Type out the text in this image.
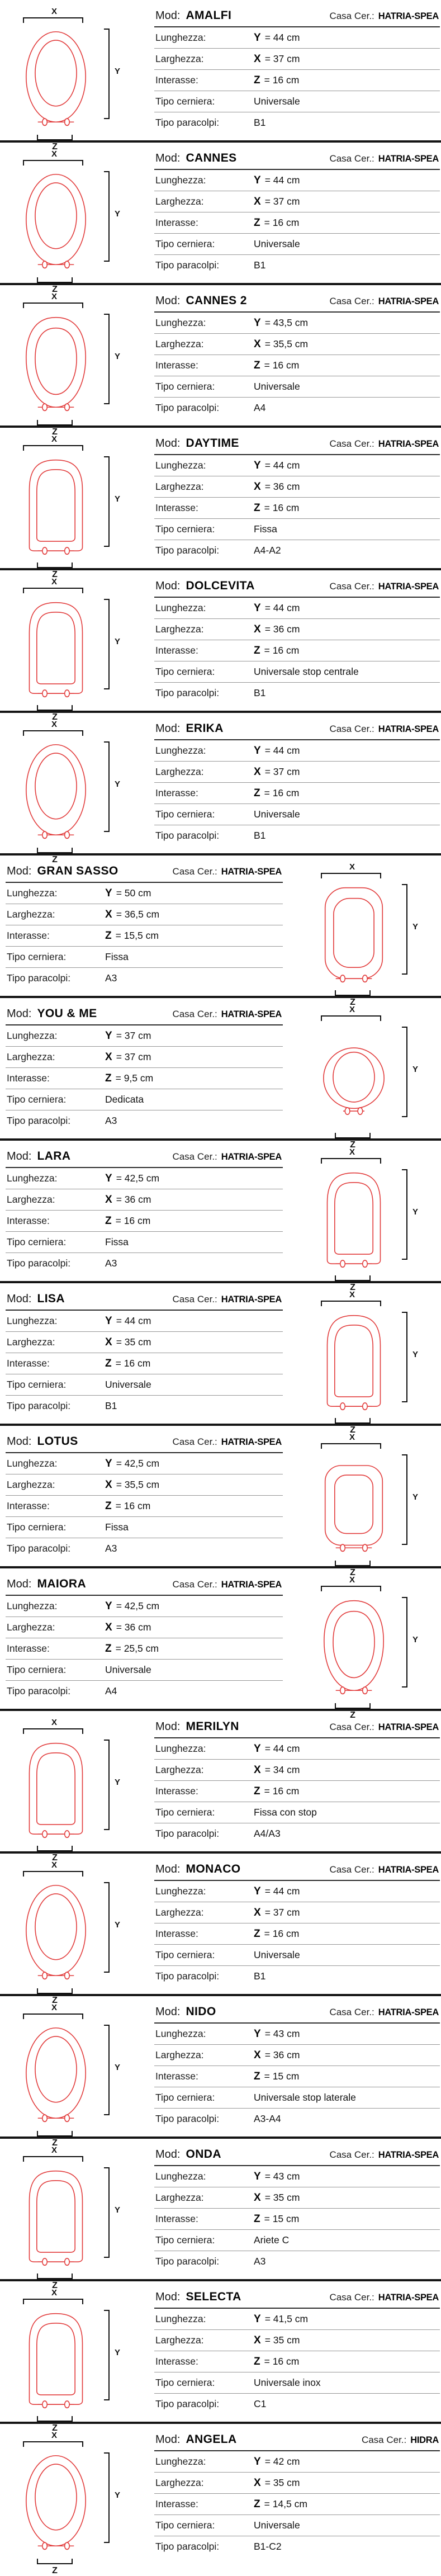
X
Y
Z
Mod: AMALFI	Casa Cer.: HATRIA-SPEA
Lunghezza:	Y = 44 cm
Larghezza:	X = 37 cm
Interasse:	Z = 16 cm
Tipo cerniera:	Universale
Tipo paracolpi:	B1
X
Y
Z
Mod: CANNES	Casa Cer.: HATRIA-SPEA
Lunghezza:	Y = 44 cm
Larghezza:	X = 37 cm
Interasse:	Z = 16 cm
Tipo cerniera:	Universale
Tipo paracolpi:	B1
X
Y
Z
Mod: CANNES 2	Casa Cer.: HATRIA-SPEA
Lunghezza:	Y = 43,5 cm
Larghezza:	X = 35,5 cm
Interasse:	Z = 16 cm
Tipo cerniera:	Universale
Tipo paracolpi:	A4
X
Y
Z
Mod: DAYTIME	Casa Cer.: HATRIA-SPEA
Lunghezza:	Y = 44 cm
Larghezza:	X = 36 cm
Interasse:	Z = 16 cm
Tipo cerniera:	Fissa
Tipo paracolpi:	A4-A2
X
Y
Z
Mod: DOLCEVITA	Casa Cer.: HATRIA-SPEA
Lunghezza:	Y = 44 cm
Larghezza:	X = 36 cm
Interasse:	Z = 16 cm
Tipo cerniera:	Universale stop centrale
Tipo paracolpi:	B1
X
Y
Z
Mod: ERIKA	Casa Cer.: HATRIA-SPEA
Lunghezza:	Y = 44 cm
Larghezza:	X = 37 cm
Interasse:	Z = 16 cm
Tipo cerniera:	Universale
Tipo paracolpi:	B1
X
Y
Z
Mod: GRAN SASSO	Casa Cer.: HATRIA-SPEA
Lunghezza:	Y = 50 cm
Larghezza:	X = 36,5 cm
Interasse:	Z = 15,5 cm
Tipo cerniera:	Fissa
Tipo paracolpi:	A3
X
Y
Z
Mod: YOU & ME	Casa Cer.: HATRIA-SPEA
Lunghezza:	Y = 37 cm
Larghezza:	X = 37 cm
Interasse:	Z = 9,5 cm
Tipo cerniera:	Dedicata
Tipo paracolpi:	A3
X
Y
Z
Mod: LARA	Casa Cer.: HATRIA-SPEA
Lunghezza:	Y = 42,5 cm
Larghezza:	X = 36 cm
Interasse:	Z = 16 cm
Tipo cerniera:	Fissa
Tipo paracolpi:	A3
X
Y
Z
Mod: LISA	Casa Cer.: HATRIA-SPEA
Lunghezza:	Y = 44 cm
Larghezza:	X = 35 cm
Interasse:	Z = 16 cm
Tipo cerniera:	Universale
Tipo paracolpi:	B1
X
Y
Z
Mod: LOTUS	Casa Cer.: HATRIA-SPEA
Lunghezza:	Y = 42,5 cm
Larghezza:	X = 35,5 cm
Interasse:	Z = 16 cm
Tipo cerniera:	Fissa
Tipo paracolpi:	A3
X
Y
Z
Mod: MAIORA	Casa Cer.: HATRIA-SPEA
Lunghezza:	Y = 42,5 cm
Larghezza:	X = 36 cm
Interasse:	Z = 25,5 cm
Tipo cerniera:	Universale
Tipo paracolpi:	A4
X
Y
Z
Mod: MERILYN	Casa Cer.: HATRIA-SPEA
Lunghezza:	Y = 44 cm
Larghezza:	X = 34 cm
Interasse:	Z = 16 cm
Tipo cerniera:	Fissa con stop
Tipo paracolpi:	A4/A3
X
Y
Z
Mod: MONACO	Casa Cer.: HATRIA-SPEA
Lunghezza:	Y = 44 cm
Larghezza:	X = 37 cm
Interasse:	Z = 16 cm
Tipo cerniera:	Universale
Tipo paracolpi:	B1
X
Y
Z
Mod: NIDO	Casa Cer.: HATRIA-SPEA
Lunghezza:	Y = 43 cm
Larghezza:	X = 36 cm
Interasse:	Z = 15 cm
Tipo cerniera:	Universale stop laterale
Tipo paracolpi:	A3-A4
X
Y
Z
Mod: ONDA	Casa Cer.: HATRIA-SPEA
Lunghezza:	Y = 43 cm
Larghezza:	X = 35 cm
Interasse:	Z = 15 cm
Tipo cerniera:	Ariete C
Tipo paracolpi:	A3
X
Y
Z
Mod: SELECTA	Casa Cer.: HATRIA-SPEA
Lunghezza:	Y = 41,5 cm
Larghezza:	X = 35 cm
Interasse:	Z = 16 cm
Tipo cerniera:	Universale inox
Tipo paracolpi:	C1
X
Y
Z
Mod: ANGELA	Casa Cer.: HIDRA
Lunghezza:	Y = 42 cm
Larghezza:	X = 35 cm
Interasse:	Z = 14,5 cm
Tipo cerniera:	Universale
Tipo paracolpi:	B1-C2
